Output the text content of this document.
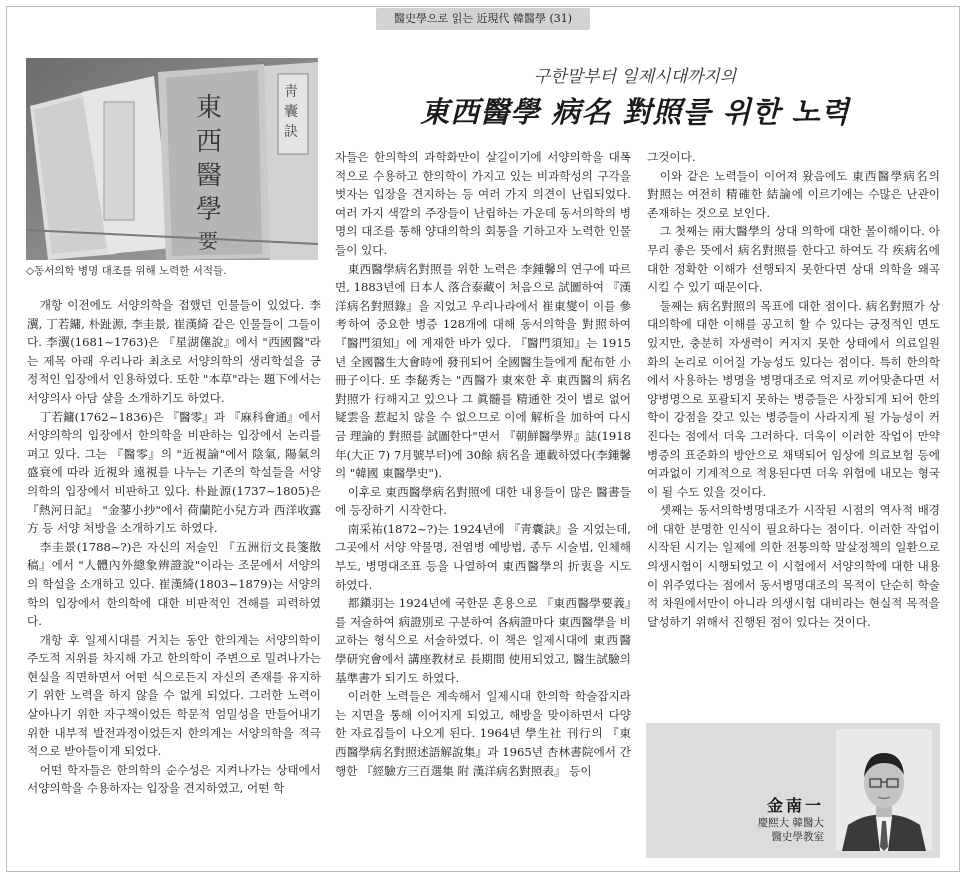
醫史學으로 읽는 近現代 韓醫學 (31)
東
西
醫
學
要
靑
囊
訣
◇동서의학 병명 대조를 위해 노력한 서적들.
구한말부터 일제시대까지의
東西醫學 病名 對照를 위한 노력

개항 이전에도 서양의학을 접했던 인물들이 있었다. 李瀷, 丁若鏞, 朴趾源, 李圭景, 崔漢綺 같은 인물들이 그들이다. 李瀷(1681~1763)은 『星湖僿說』에서 "西國醫"라는 제목 아래 우리나라 최초로 서양의학의 생리학설을 긍정적인 입장에서 인용하였다. 또한 "本草"라는 題下에서는 서양의사 아담 샬을 소개하기도 하였다.

丁若鏞(1762~1836)은 『醫零』과 『麻科會通』에서 서양의학의 입장에서 한의학을 비판하는 입장에서 논리를 펴고 있다. 그는 『醫零』의 "近視論"에서 陰氣, 陽氣의 盛衰에 따라 近視와 遠視를 나누는 기존의 학설들을 서양의학의 입장에서 비판하고 있다. 朴趾源(1737~1805)은 『熱河日記』 "金蓼小抄"에서 荷蘭陀小兒方과 西洋收露方 등 서양 처방을 소개하기도 하였다.

李圭景(1788~?)은 자신의 저술인 『五洲衍文長箋散稿』에서 "人體內外總象辨證說"이라는 조문에서 서양의의 학설을 소개하고 있다. 崔漢綺(1803~1879)는 서양의학의 입장에서 한의학에 대한 비판적인 견해를 피력하였다.

개항 후 일제시대를 거치는 동안 한의계는 서양의학이 주도적 지위를 차지해 가고 한의학이 주변으로 밀려나가는 현실을 직면하면서 어떤 식으로든지 자신의 존재를 유지하기 위한 노력을 하지 않을 수 없게 되었다. 그러한 노력이 살아나기 위한 자구책이었든 학문적 엄밀성을 만들어내기 위한 내부적 발전과정이었든지 한의계는 서양의학을 적극적으로 받아들이게 되었다.

어떤 학자들은 한의학의 순수성은 지켜나가는 상태에서 서양의학을 수용하자는 입장을 견지하였고, 어떤 학

자들은 한의학의 과학화만이 살길이기에 서양의학을 대폭적으로 수용하고 한의학이 가지고 있는 비과학성의 구각을 벗자는 입장을 견지하는 등 여러 가지 의견이 난립되었다. 여러 가지 색깔의 주장들이 난립하는 가운데 동서의학의 병명의 대조를 통해 양대의학의 회통을 기하고자 노력한 인물들이 있다.

東西醫學病名對照를 위한 노력은 李鍾馨의 연구에 따르면, 1883년에 日本人 落合泰藏이 처음으로 試圖하여 『漢洋病名對照錄』을 지었고 우리나라에서 崔東燮이 이를 參考하여 중요한 병증 128개에 대해 동서의학을 對照하여 『醫門須知』에 게재한 바가 있다. 『醫門須知』는 1915년 全國醫生大會時에 發刊되어 全國醫生들에게 配布한 小冊子이다. 또 李馝秀는 "西醫가 東來한 후 東西醫의 病名 對照가 行해지고 있으나 그 眞髓를 精通한 것이 별로 없어 疑雲을 惹起치 않을 수 없으므로 이에 解析을 加하여 다시금 理論的 對照를 試圖한다"면서 『朝鮮醫學界』誌(1918年(大正 7) 7月號부터)에 30餘 病名을 連載하였다(李鍾馨의 "韓國 東醫學史").

이후로 東西醫學病名對照에 대한 내용들이 많은 醫書들에 등장하기 시작한다.

南采祐(1872~?)는 1924년에 『靑囊訣』을 지었는데, 그곳에서 서양 약물명, 전염병 예방법, 종두 시술법, 인체해부도, 병명대조표 등을 나열하여 東西醫學의 折衷을 시도하였다.

都鎭羽는 1924년에 국한문 혼용으로 『東西醫學要義』를 저술하여 病證別로 구분하여 各病證마다 東西醫學을 비교하는 형식으로 서술하였다. 이 책은 일제시대에 東西醫學研究會에서 講座教材로 長期間 使用되었고, 醫生試驗의 基準書가 되기도 하였다.

이러한 노력들은 계속해서 일제시대 한의학 학술잡지라는 지면을 통해 이어지게 되었고, 해방을 맞이하면서 다양한 자료집들이 나오게 된다. 1964년 學生社 刊行의 『東西醫學病名對照述語解說集』과 1965년 杏林書院에서 간행한 『經驗方三百選集 附 漢洋病名對照表』 등이

그것이다.

이와 같은 노력들이 이어져 왔음에도 東西醫學病名의 對照는 여전히 精確한 結論에 이르기에는 수많은 난관이 존재하는 것으로 보인다.

그 첫째는 兩大醫學의 상대 의학에 대한 몰이해이다. 아무리 좋은 뜻에서 病名對照를 한다고 하여도 각 疾病名에 대한 정확한 이해가 선행되지 못한다면 상대 의학을 왜곡시킬 수 있기 때문이다.

둘째는 病名對照의 목표에 대한 점이다. 病名對照가 상대의학에 대한 이해를 공고히 할 수 있다는 긍정적인 면도 있지만, 충분히 자생력이 커지지 못한 상태에서 의료일원화의 논리로 이어질 가능성도 있다는 점이다. 특히 한의학에서 사용하는 병명을 병명대조로 억지로 끼어맞춘다면 서양병명으로 포괄되지 못하는 병증들은 사장되게 되어 한의학이 강점을 갖고 있는 병증들이 사라지게 될 가능성이 커진다는 점에서 더욱 그러하다. 더욱이 이러한 작업이 만약 병증의 표준화의 방안으로 채택되어 임상에 의료보험 등에 여과없이 기계적으로 적용된다면 더욱 위험에 내모는 형국이 될 수도 있을 것이다.

셋째는 동서의학병명대조가 시작된 시점의 역사적 배경에 대한 분명한 인식이 필요하다는 점이다. 이러한 작업이 시작된 시기는 일제에 의한 전통의학 말살정책의 일환으로 의생시험이 시행되었고 이 시험에서 서양의학에 대한 내용이 위주였다는 점에서 동서병명대조의 목적이 단순히 학술적 차원에서만이 아니라 의생시험 대비라는 현실적 목적을 달성하기 위해서 진행된 점이 있다는 것이다.

金南一
慶熙大 韓醫大
醫史學教室
